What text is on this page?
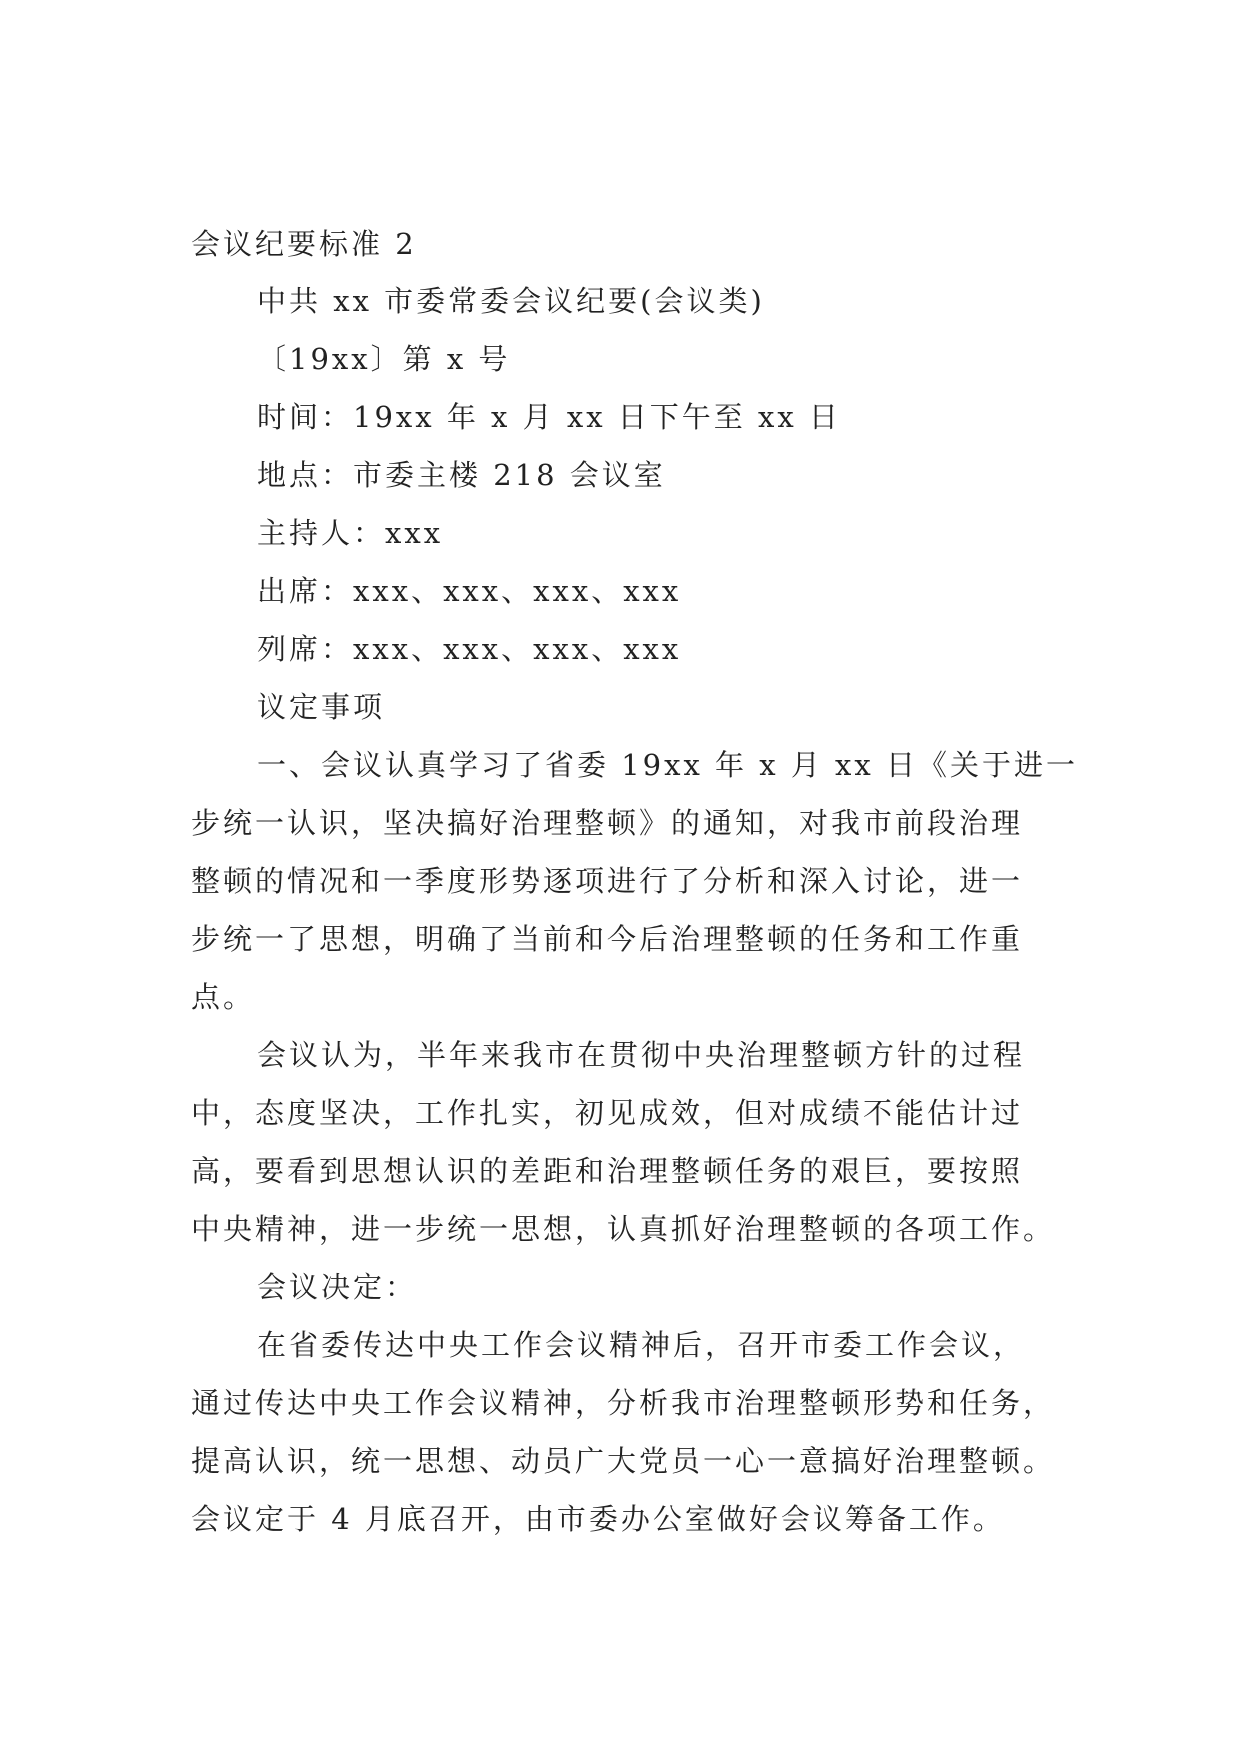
会议纪要标准 2
中共 xx 市委常委会议纪要(会议类)
〔19xx〕第 x 号
时间：19xx 年 x 月 xx 日下午至 xx 日
地点：市委主楼 218 会议室
主持人：xxx
出席：xxx、xxx、xxx、xxx
列席：xxx、xxx、xxx、xxx
议定事项
一、会议认真学习了省委 19xx 年 x 月 xx 日《关于进一
步统一认识，坚决搞好治理整顿》的通知，对我市前段治理
整顿的情况和一季度形势逐项进行了分析和深入讨论，进一
步统一了思想，明确了当前和今后治理整顿的任务和工作重
点。
会议认为，半年来我市在贯彻中央治理整顿方针的过程
中，态度坚决，工作扎实，初见成效，但对成绩不能估计过
高，要看到思想认识的差距和治理整顿任务的艰巨，要按照
中央精神，进一步统一思想，认真抓好治理整顿的各项工作。
会议决定：
在省委传达中央工作会议精神后，召开市委工作会议，
通过传达中央工作会议精神，分析我市治理整顿形势和任务，
提高认识，统一思想、动员广大党员一心一意搞好治理整顿。
会议定于 4 月底召开，由市委办公室做好会议筹备工作。
